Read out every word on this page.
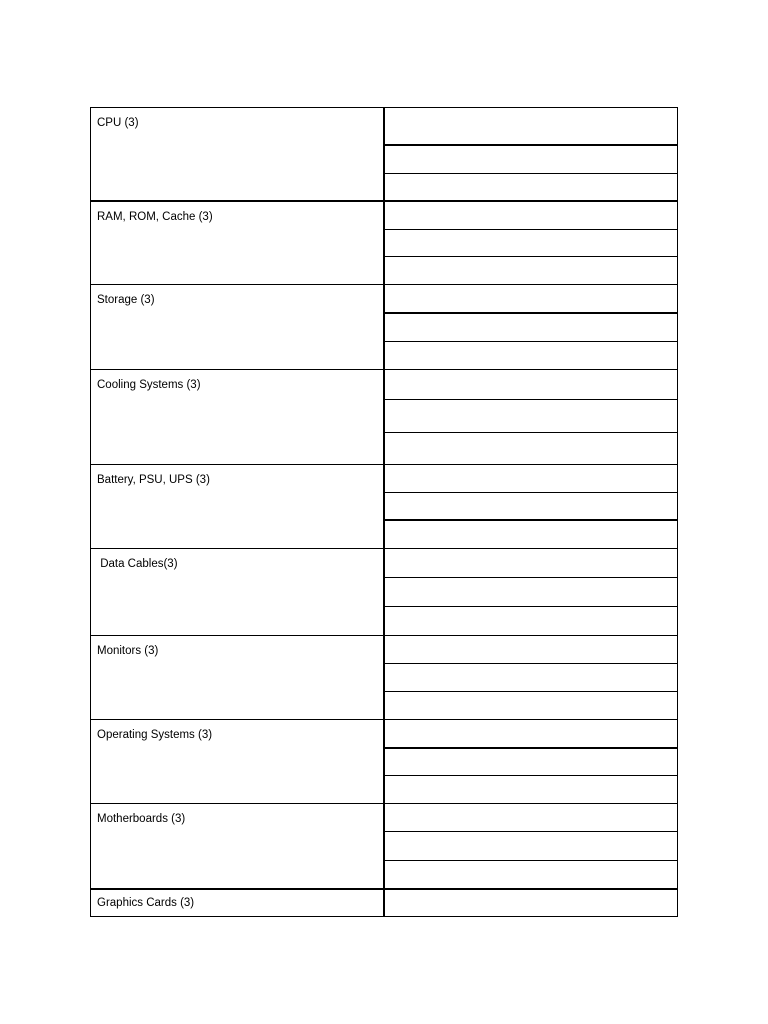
CPU (3)
RAM, ROM, Cache (3)
Storage (3)
Cooling Systems (3)
Battery, PSU, UPS (3)
Data Cables(3)
Monitors (3)
Operating Systems (3)
Motherboards (3)
Graphics Cards (3)
